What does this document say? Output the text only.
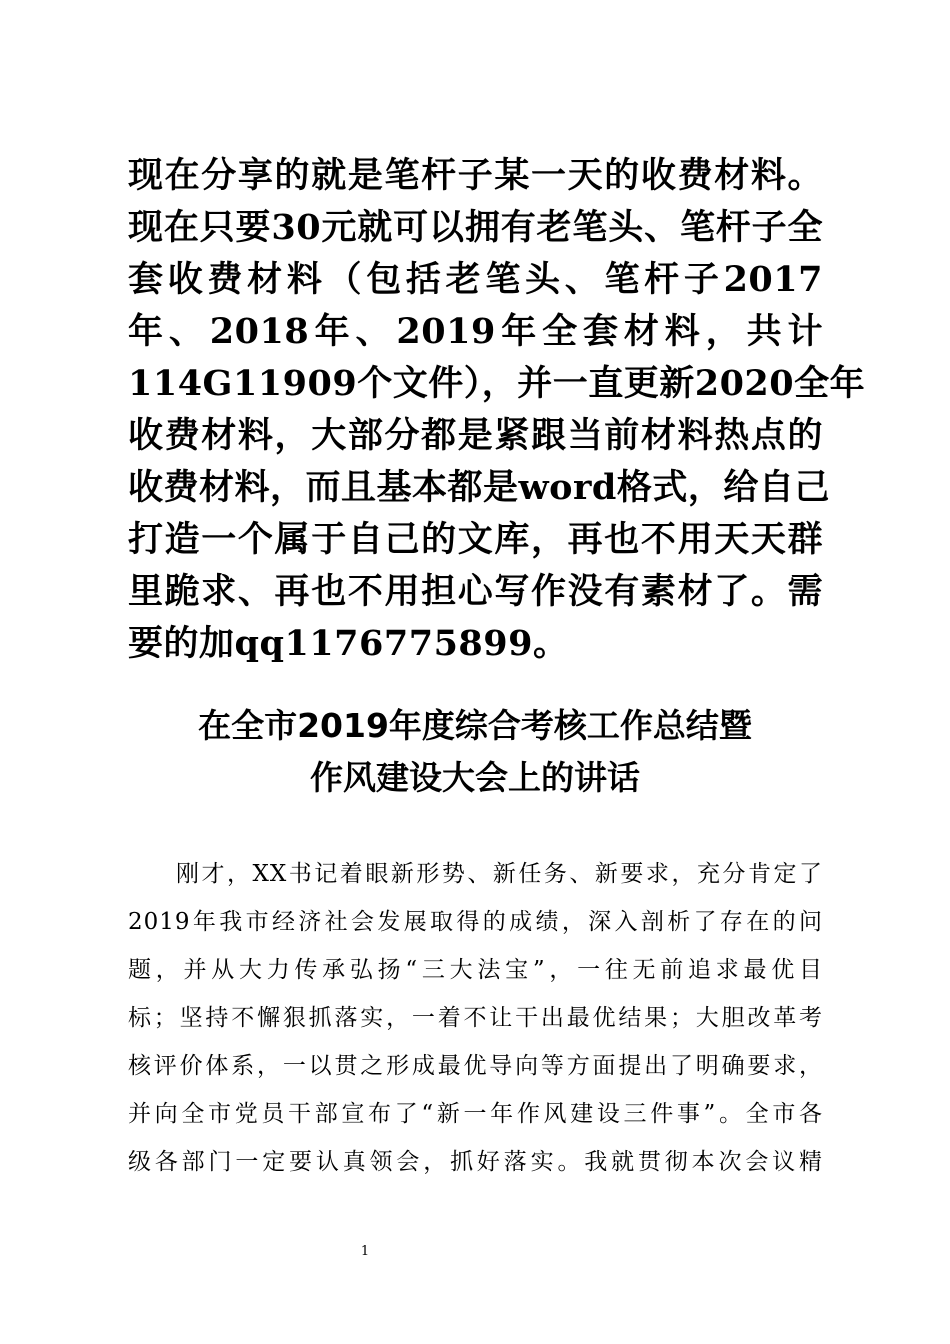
现在分享的就是笔杆子某一天的收费材料。
现在只要30元就可以拥有老笔头、笔杆子全
套收费材料（包括老笔头、笔杆子2017
年、2018年、2019年全套材料，共计
114G11909个文件），并一直更新2020全年
收费材料，大部分都是紧跟当前材料热点的
收费材料，而且基本都是word格式，给自己
打造一个属于自己的文库，再也不用天天群
里跪求、再也不用担心写作没有素材了。需
要的加qq1176775899。
在全市2019年度综合考核工作总结暨
作风建设大会上的讲话
刚才，XX书记着眼新形势、新任务、新要求，充分肯定了
2019年我市经济社会发展取得的成绩，深入剖析了存在的问
题，并从大力传承弘扬“三大法宝”，一往无前追求最优目
标；坚持不懈狠抓落实，一着不让干出最优结果；大胆改革考
核评价体系，一以贯之形成最优导向等方面提出了明确要求，
并向全市党员干部宣布了“新一年作风建设三件事”。全市各
级各部门一定要认真领会，抓好落实。我就贯彻本次会议精
1
